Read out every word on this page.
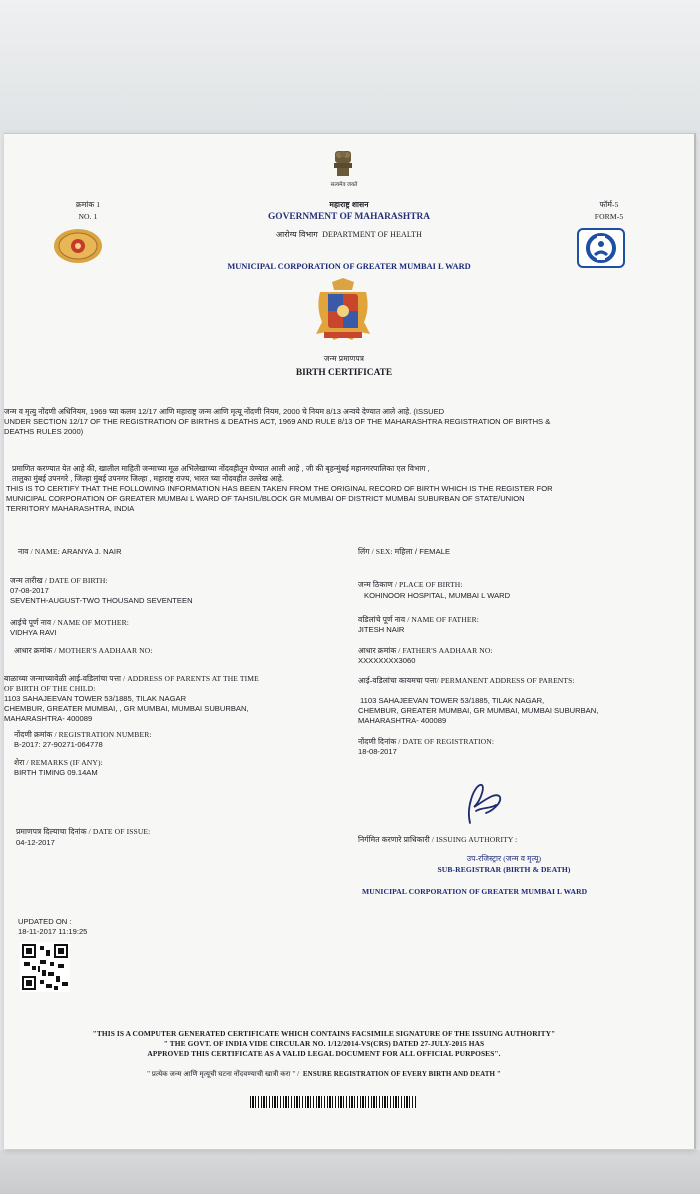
क्रमांक 1
NO. 1
फॉर्म-5
FORM-5
सत्यमेव जयते
महाराष्ट्र शासन
GOVERNMENT OF MAHARASHTRA
आरोग्य विभाग DEPARTMENT OF HEALTH
MUNICIPAL CORPORATION OF GREATER MUMBAI L WARD
जन्म प्रमाणपत्र
BIRTH CERTIFICATE
जन्म व मृत्यु नोंदणी अधिनियम, 1969 च्या कलम 12/17 आणि महाराष्ट्र जन्म आणि मृत्यू नोंदणी नियम, 2000 चे नियम 8/13 अन्वये देण्यात आले आहे. (ISSUED
UNDER SECTION 12/17 OF THE REGISTRATION OF BIRTHS & DEATHS ACT, 1969 AND RULE 8/13 OF THE MAHARASHTRA REGISTRATION OF BIRTHS &
DEATHS RULES 2000)
प्रमाणित करण्यात येत आहे की, खालील माहिती जन्माच्या मूळ अभिलेखाच्या नोंदवहीतून घेण्यात आली आहे , जी की बृहन्मुंबई महानगरपालिका एल विभाग ,
तालुका मुंबई उपनगरे , जिल्हा मुंबई उपनगर जिल्हा , महाराष्ट्र राज्य, भारत च्या नोंदवहीत उल्लेख आहे.
THIS IS TO CERTIFY THAT THE FOLLOWING INFORMATION HAS BEEN TAKEN FROM THE ORIGINAL RECORD OF BIRTH WHICH IS THE REGISTER FOR
MUNICIPAL CORPORATION OF GREATER MUMBAI L WARD OF TAHSIL/BLOCK GR MUMBAI OF DISTRICT MUMBAI SUBURBAN OF STATE/UNION
TERRITORY MAHARASHTRA, INDIA
नाव / NAME: ARANYA J. NAIR
जन्म तारीख / DATE OF BIRTH:
07-08-2017
SEVENTH-AUGUST-TWO THOUSAND SEVENTEEN
आईचे पूर्ण नाव / NAME OF MOTHER:
VIDHYA RAVI
आधार क्रमांक / MOTHER'S AADHAAR NO:
बाळाच्या जन्माच्यावेळी आई-वडिलांचा पत्ता / ADDRESS OF PARENTS AT THE TIME
OF BIRTH OF THE CHILD:
1103 SAHAJEEVAN TOWER 53/1885, TILAK NAGAR
CHEMBUR, GREATER MUMBAI, , GR MUMBAI, MUMBAI SUBURBAN,
MAHARASHTRA- 400089
नोंदणी क्रमांक / REGISTRATION NUMBER:
B-2017: 27-90271-064778
शेरा / REMARKS (IF ANY):
BIRTH TIMING 09.14AM
प्रमाणपत्र दिल्याचा दिनांक / DATE OF ISSUE:
04-12-2017
लिंग / SEX: महिला / FEMALE
जन्म ठिकाण / PLACE OF BIRTH:
KOHINOOR HOSPITAL, MUMBAI L WARD
वडिलांचे पूर्ण नाव / NAME OF FATHER:
JITESH NAIR
आधार क्रमांक / FATHER'S AADHAAR NO:
XXXXXXXX3060
आई-वडिलांचा कायमचा पत्ता/ PERMANENT ADDRESS OF PARENTS:
1103 SAHAJEEVAN TOWER 53/1885, TILAK NAGAR,
CHEMBUR, GREATER MUMBAI, GR MUMBAI, MUMBAI SUBURBAN,
MAHARASHTRA- 400089
नोंदणी दिनांक / DATE OF REGISTRATION:
18-08-2017
निर्गमित करणारे प्राधिकारी / ISSUING AUTHORITY :
उप-रजिस्ट्रार (जन्म व मृत्यू)
SUB-REGISTRAR (BIRTH & DEATH)
MUNICIPAL CORPORATION OF GREATER MUMBAI L WARD
UPDATED ON :
18-11-2017 11:19:25
"THIS IS A COMPUTER GENERATED CERTIFICATE WHICH CONTAINS FACSIMILE SIGNATURE OF THE ISSUING AUTHORITY"
" THE GOVT. OF INDIA VIDE CIRCULAR NO. 1/12/2014-VS(CRS) DATED 27-JULY-2015 HAS
APPROVED THIS CERTIFICATE AS A VALID LEGAL DOCUMENT FOR ALL OFFICIAL PURPOSES".
" प्रत्येक जन्म आणि मृत्यूची घटना नोंदवण्याची खात्री करा " / ENSURE REGISTRATION OF EVERY BIRTH AND DEATH "
